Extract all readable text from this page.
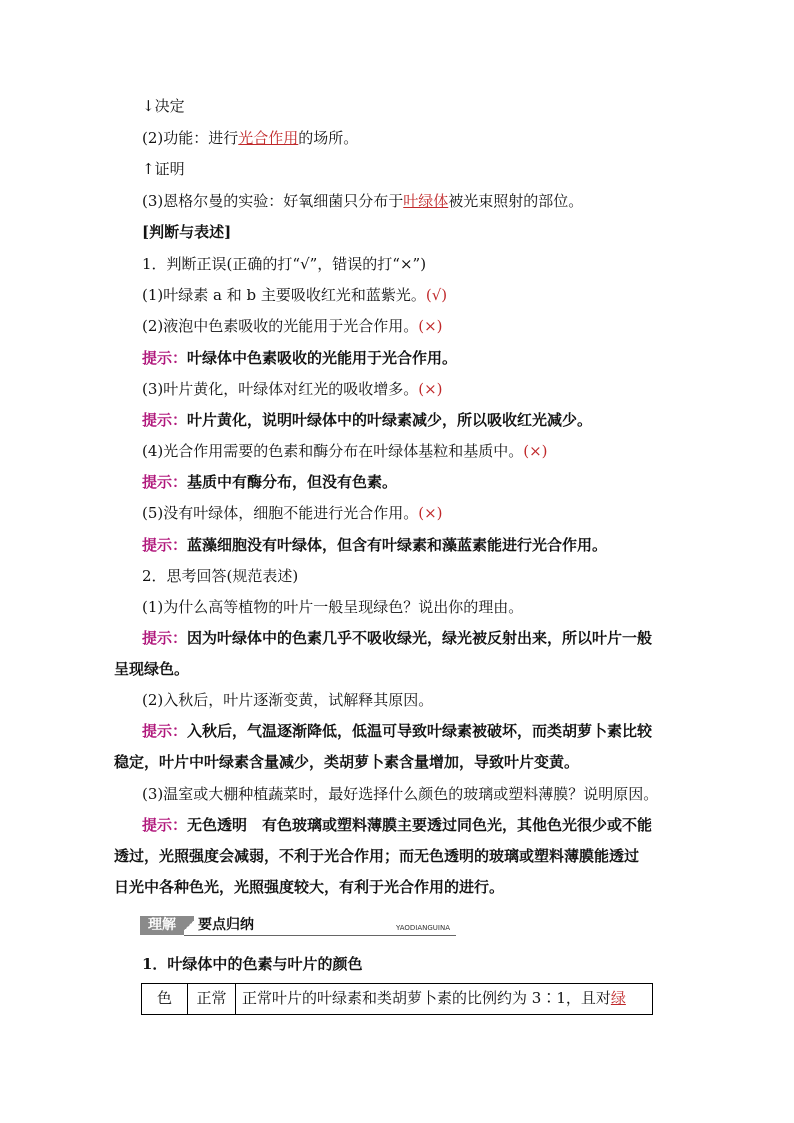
↓决定
(2)功能：进行光合作用的场所。
↑证明
(3)恩格尔曼的实验：好氧细菌只分布于叶绿体被光束照射的部位。
[判断与表述]
1．判断正误(正确的打“√”，错误的打“×”)
(1)叶绿素 a 和 b 主要吸收红光和蓝紫光。(√)
(2)液泡中色素吸收的光能用于光合作用。(×)
提示：叶绿体中色素吸收的光能用于光合作用。
(3)叶片黄化，叶绿体对红光的吸收增多。(×)
提示：叶片黄化，说明叶绿体中的叶绿素减少，所以吸收红光减少。
(4)光合作用需要的色素和酶分布在叶绿体基粒和基质中。(×)
提示：基质中有酶分布，但没有色素。
(5)没有叶绿体，细胞不能进行光合作用。(×)
提示：蓝藻细胞没有叶绿体，但含有叶绿素和藻蓝素能进行光合作用。
2．思考回答(规范表述)
(1)为什么高等植物的叶片一般呈现绿色？说出你的理由。
提示：因为叶绿体中的色素几乎不吸收绿光，绿光被反射出来，所以叶片一般
呈现绿色。
(2)入秋后，叶片逐渐变黄，试解释其原因。
提示：入秋后，气温逐渐降低，低温可导致叶绿素被破坏，而类胡萝卜素比较
稳定，叶片中叶绿素含量减少，类胡萝卜素含量增加，导致叶片变黄。
(3)温室或大棚种植蔬菜时，最好选择什么颜色的玻璃或塑料薄膜？说明原因。
提示：无色透明　有色玻璃或塑料薄膜主要透过同色光，其他色光很少或不能
透过，光照强度会减弱，不利于光合作用；而无色透明的玻璃或塑料薄膜能透过
日光中各种色光，光照强度较大，有利于光合作用的进行。
理解	要点归纳	YAODIANGUINA
1．叶绿体中的色素与叶片的颜色
色	正常	正常叶片的叶绿素和类胡萝卜素的比例约为 3∶1，且对绿
